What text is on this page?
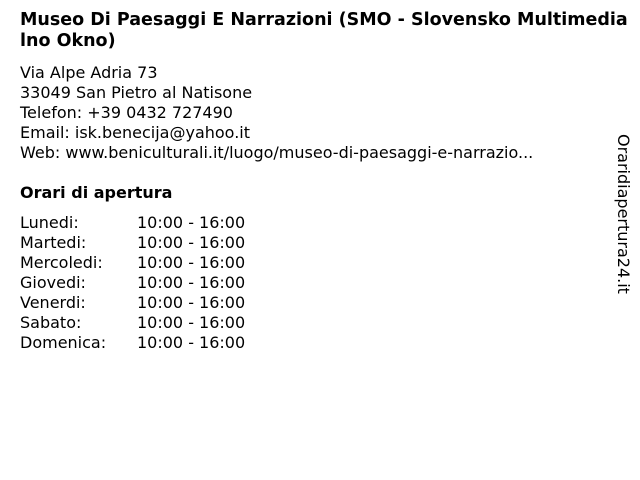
Museo Di Paesaggi E Narrazioni (SMO - Slovensko Multimedialno Okno)
Via Alpe Adria 73
33049 San Pietro al Natisone
Telefon: +39 0432 727490
Email: isk.benecija@yahoo.it
Web: www.beniculturali.it/luogo/museo-di-paesaggi-e-narrazio...
Orari di apertura
Lunedi:	10:00 - 16:00
Martedi:	10:00 - 16:00
Mercoledi:	10:00 - 16:00
Giovedi:	10:00 - 16:00
Venerdi:	10:00 - 16:00
Sabato:	10:00 - 16:00
Domenica:	10:00 - 16:00
Oraridiapertura24.it
